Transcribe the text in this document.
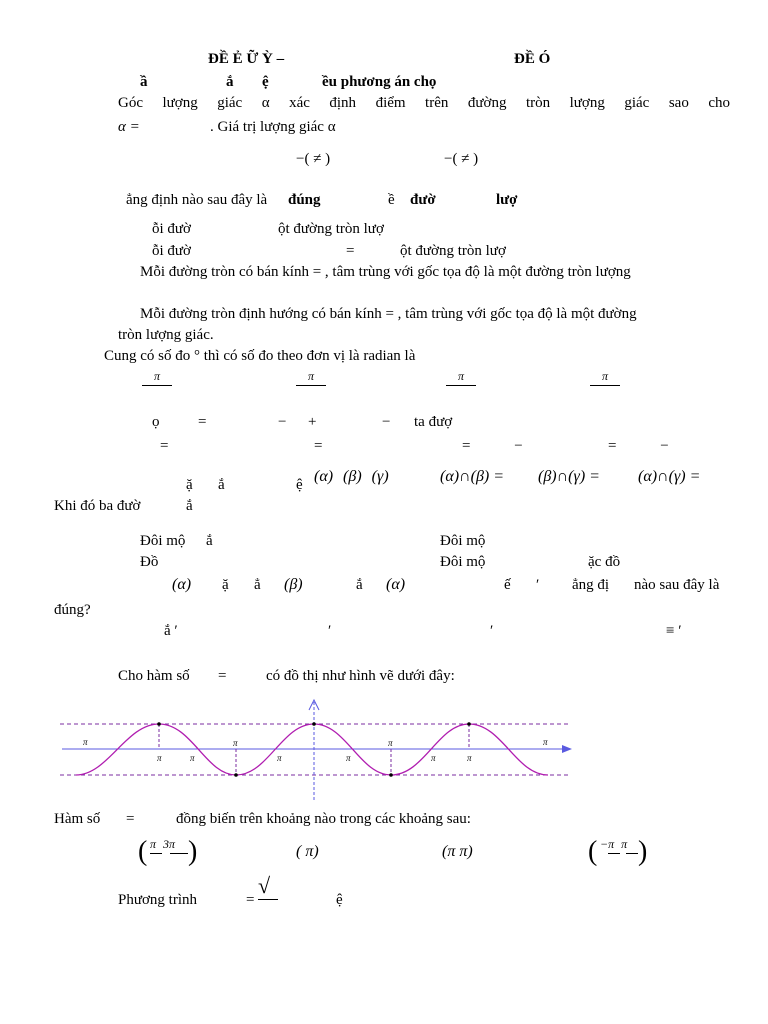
ĐỀ Ẻ Ữ Ỳ –	ĐỀ Ó
ầ	ắ ệ	ều phương án chọ
Góc lượng giác α xác định điểm trên đường tròn lượng giác sao cho
α =	. Giá trị lượng giác α
−( ≠ )	−( ≠ )
ẳng định nào sau đây là đúng	ề đườ	lượ
ỗi đườ	ột đường tròn lượ
ỗi đườ	=	ột đường tròn lượ
Mỗi đường tròn có bán kính = , tâm trùng với gốc tọa độ là một đường tròn lượng
Mỗi đường tròn định hướng có bán kính = , tâm trùng với gốc tọa độ là một đường
tròn lượng giác.
Cung có số đo ° thì có số đo theo đơn vị là radian là
π	π	π	π
ọ	=	− +	− ta đượ
=	=	= −	= −
ặ ắ	ệ (α) (β) (γ)	(α)∩(β) = (β)∩(γ) = (α)∩(γ) =
Khi đó ba đườ	ắ
Đôi mộ ắ	Đôi mộ
Đồ	Đôi mộ	ặc đồ
(α) ặ ẳ (β)	ắ (α)	ế ′ ẳng đị nào sau đây là
đúng?
ắ ′	′	′	≡ ′
Cho hàm số =	có đồ thị như hình vẽ dưới đây:
π	π	π	π
π	π	π	π	π	π
Hàm số =	đồng biến trên khoảng nào trong các khoảng sau:
( π 3π )	( π)	(π π)	( −π π )
Phương trình	=
√
ệ
